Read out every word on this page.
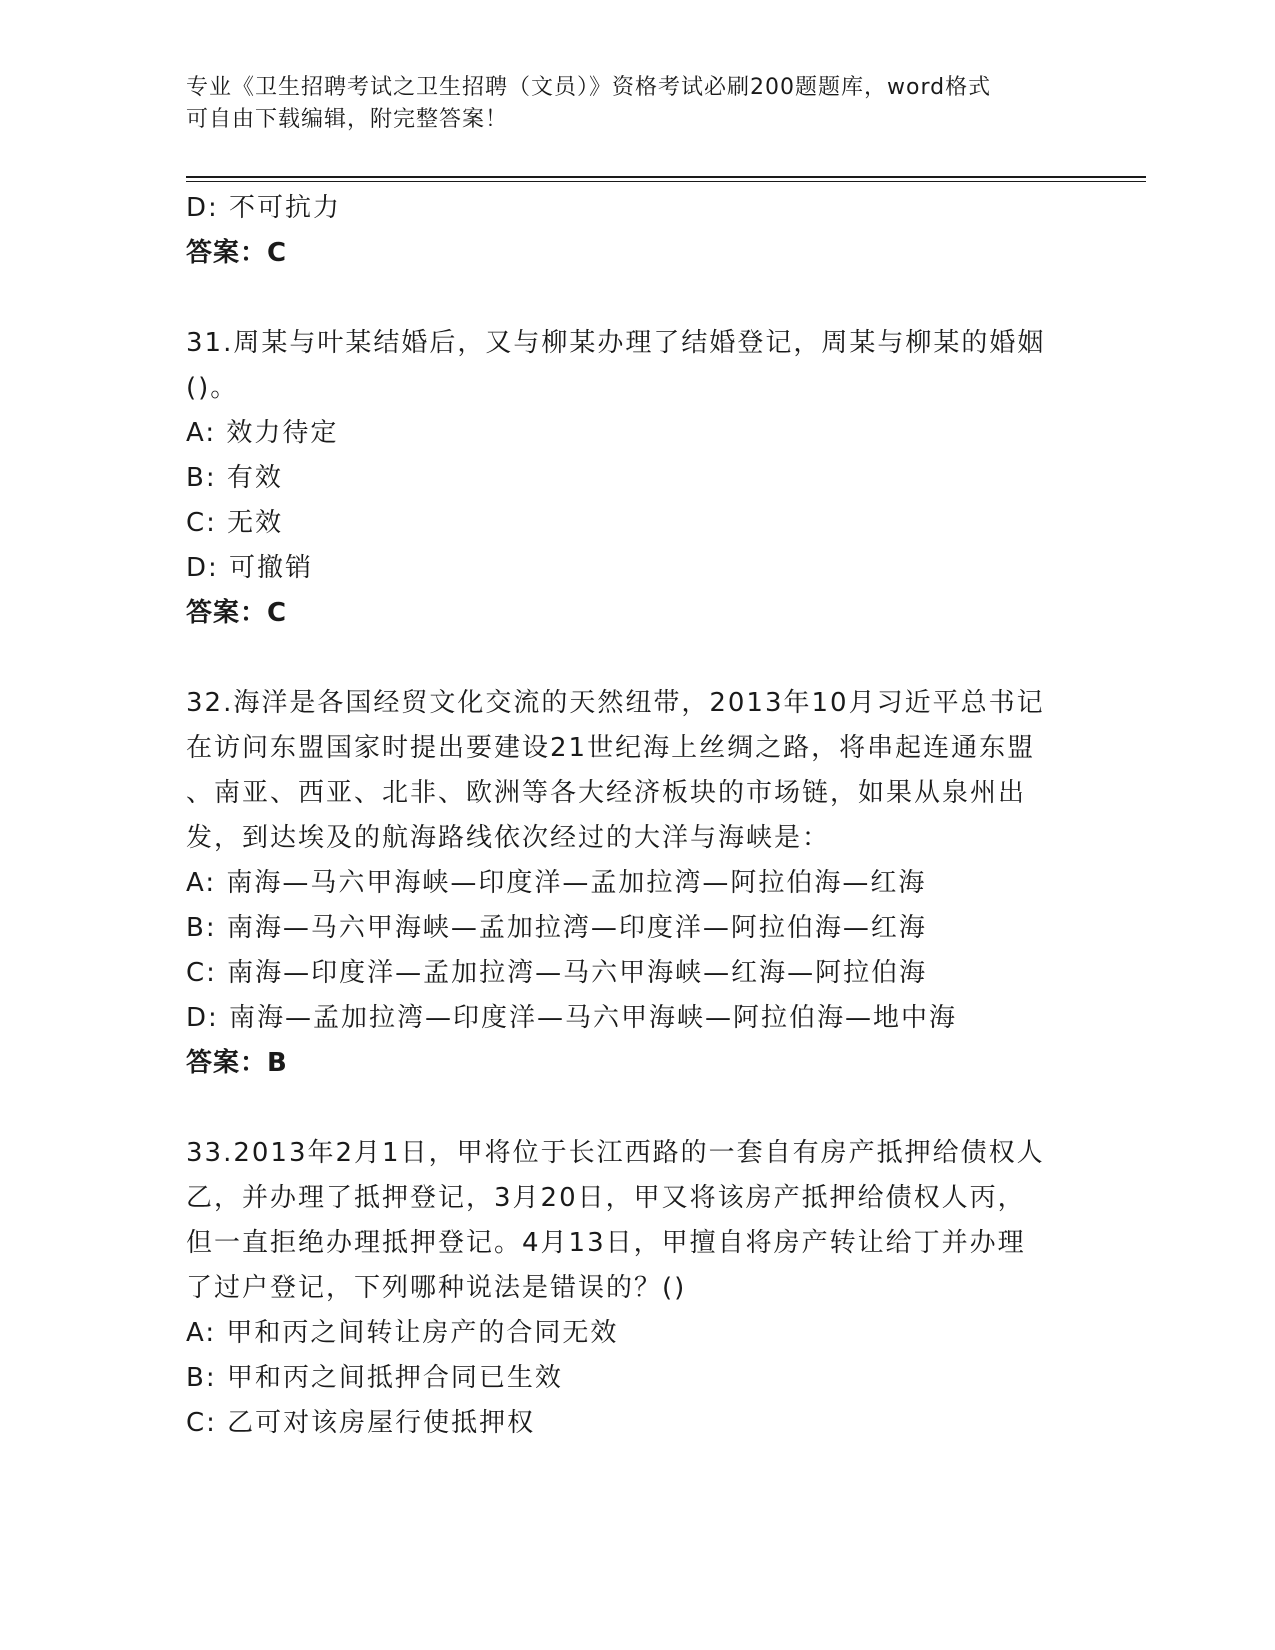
专业《卫生招聘考试之卫生招聘（文员）》资格考试必刷200题题库，word格式
可自由下载编辑，附完整答案！
D: 不可抗力
答案：C
31.周某与叶某结婚后，又与柳某办理了结婚登记，周某与柳某的婚姻
()。
A: 效力待定
B: 有效
C: 无效
D: 可撤销
答案：C
32.海洋是各国经贸文化交流的天然纽带，2013年10月习近平总书记
在访问东盟国家时提出要建设21世纪海上丝绸之路，将串起连通东盟
、南亚、西亚、北非、欧洲等各大经济板块的市场链，如果从泉州出
发，到达埃及的航海路线依次经过的大洋与海峡是：
A: 南海—马六甲海峡—印度洋—孟加拉湾—阿拉伯海—红海
B: 南海—马六甲海峡—孟加拉湾—印度洋—阿拉伯海—红海
C: 南海—印度洋—孟加拉湾—马六甲海峡—红海—阿拉伯海
D: 南海—孟加拉湾—印度洋—马六甲海峡—阿拉伯海—地中海
答案：B
33.2013年2月1日，甲将位于长江西路的一套自有房产抵押给债权人
乙，并办理了抵押登记，3月20日，甲又将该房产抵押给债权人丙，
但一直拒绝办理抵押登记。4月13日，甲擅自将房产转让给丁并办理
了过户登记，下列哪种说法是错误的？()
A: 甲和丙之间转让房产的合同无效
B: 甲和丙之间抵押合同已生效
C: 乙可对该房屋行使抵押权
